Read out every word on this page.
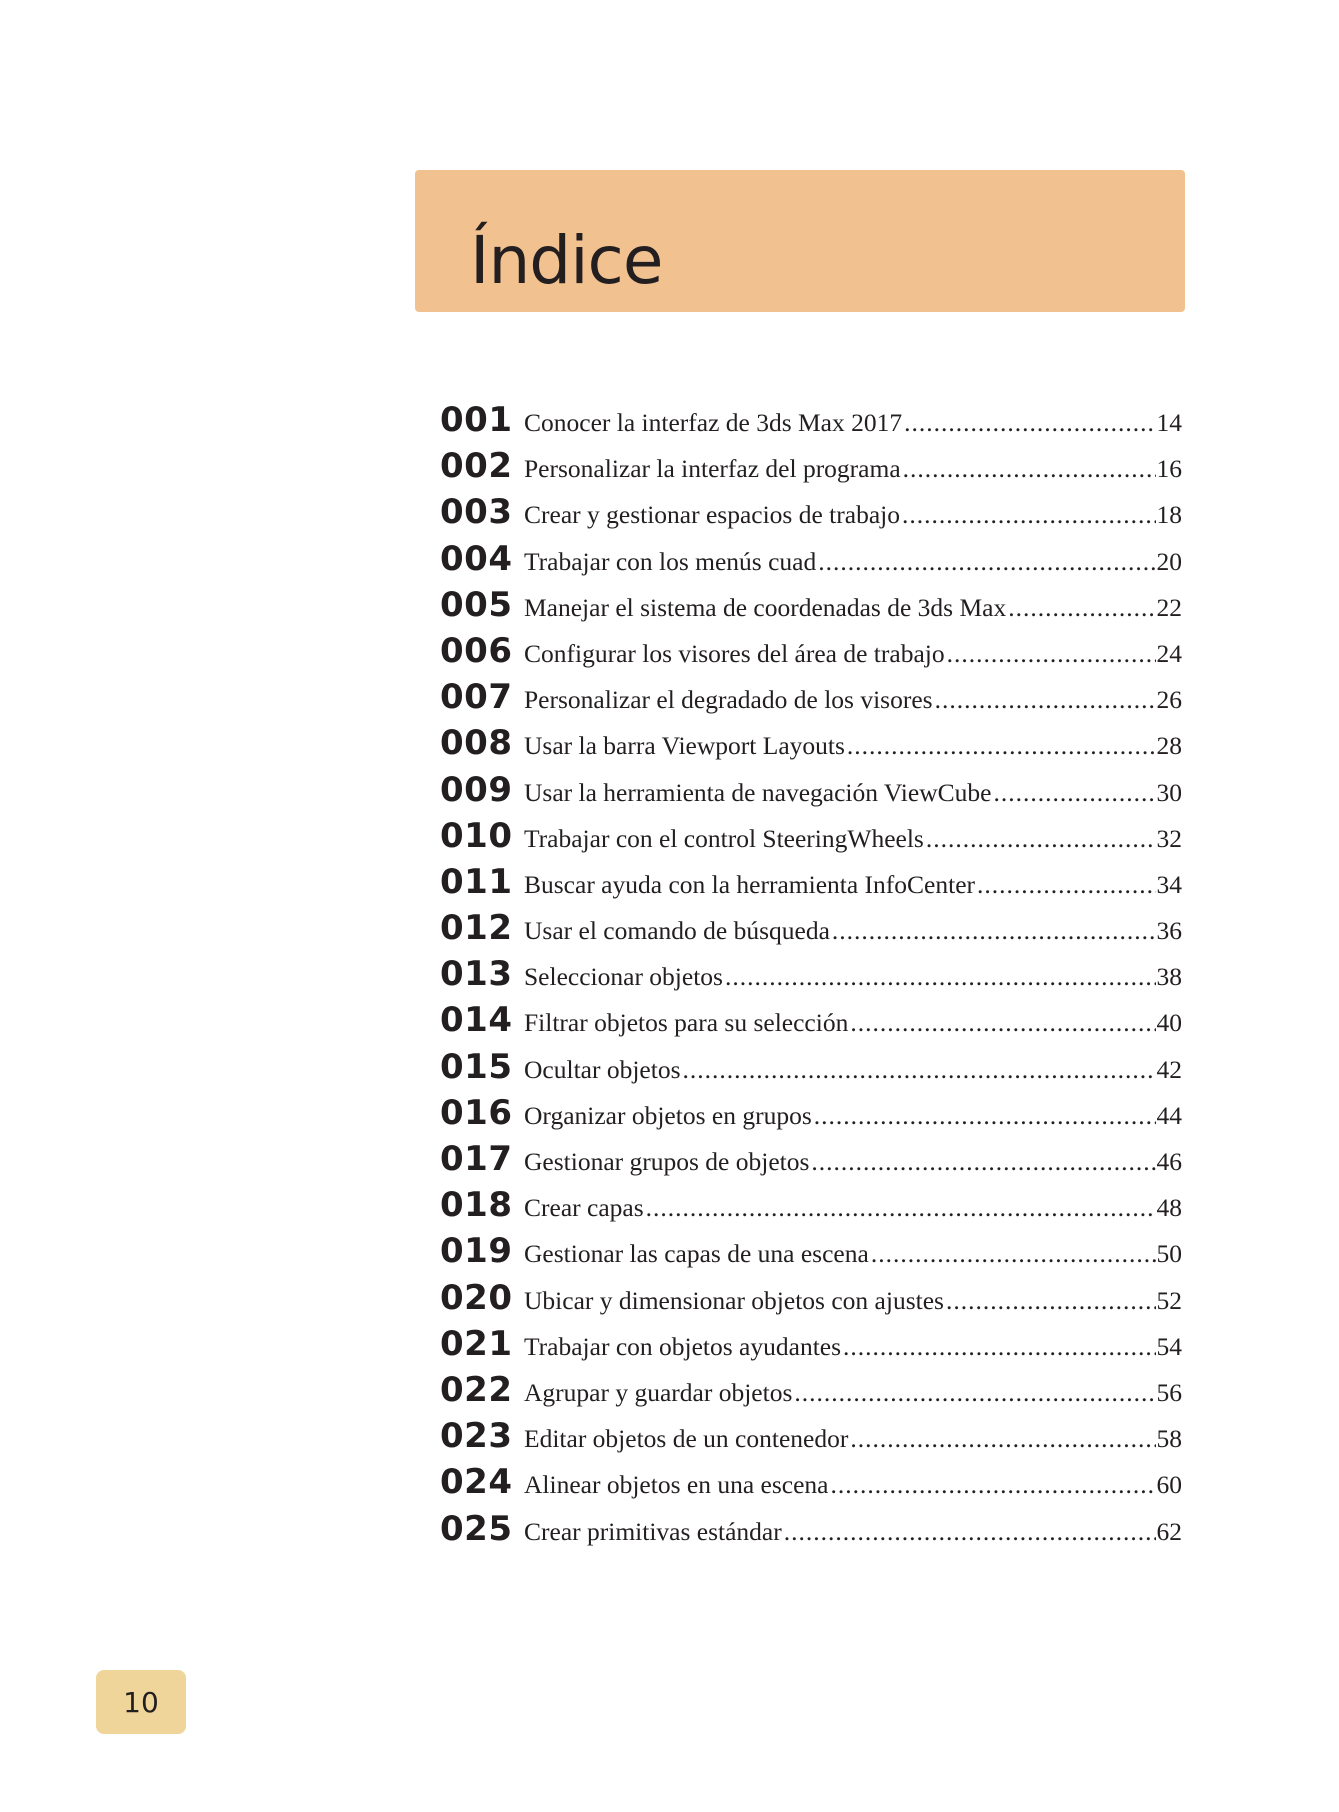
Índice
001 Conocer la interfaz de 3ds Max 2017 .....	14
002 Personalizar la interfaz del programa .....	16
003 Crear y gestionar espacios de trabajo .....	18
004 Trabajar con los menús cuad .....	20
005 Manejar el sistema de coordenadas de 3ds Max .....	22
006 Configurar los visores del área de trabajo .....	24
007 Personalizar el degradado de los visores .....	26
008 Usar la barra Viewport Layouts .....	28
009 Usar la herramienta de navegación ViewCube .....	30
010 Trabajar con el control SteeringWheels .....	32
011 Buscar ayuda con la herramienta InfoCenter .....	34
012 Usar el comando de búsqueda .....	36
013 Seleccionar objetos .....	38
014 Filtrar objetos para su selección .....	40
015 Ocultar objetos .....	42
016 Organizar objetos en grupos .....	44
017 Gestionar grupos de objetos .....	46
018 Crear capas .....	48
019 Gestionar las capas de una escena .....	50
020 Ubicar y dimensionar objetos con ajustes .....	52
021 Trabajar con objetos ayudantes .....	54
022 Agrupar y guardar objetos .....	56
023 Editar objetos de un contenedor .....	58
024 Alinear objetos en una escena .....	60
025 Crear primitivas estándar .....	62
10
